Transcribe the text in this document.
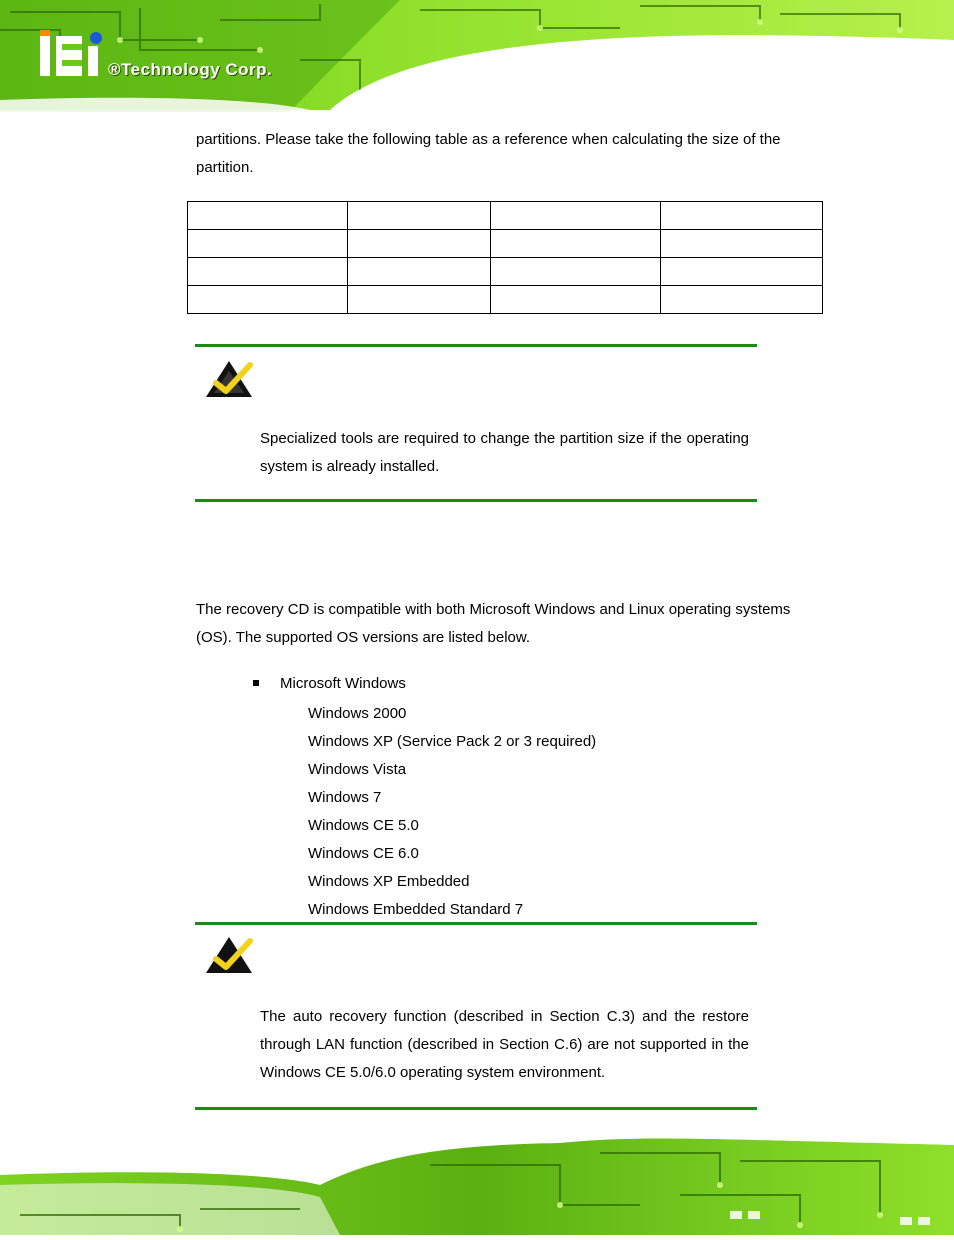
®Technology Corp.
partitions. Please take the following table as a reference when calculating the size of the partition.

Specialized tools are required to change the partition size if the operating system is already installed.
The recovery CD is compatible with both Microsoft Windows and Linux operating systems (OS). The supported OS versions are listed below.
Microsoft Windows
Windows 2000
Windows XP (Service Pack 2 or 3 required)
Windows Vista
Windows 7
Windows CE 5.0
Windows CE 6.0
Windows XP Embedded
Windows Embedded Standard 7
The auto recovery function (described in Section C.3) and the restore through LAN function (described in Section C.6) are not supported in the Windows CE 5.0/6.0 operating system environment.
